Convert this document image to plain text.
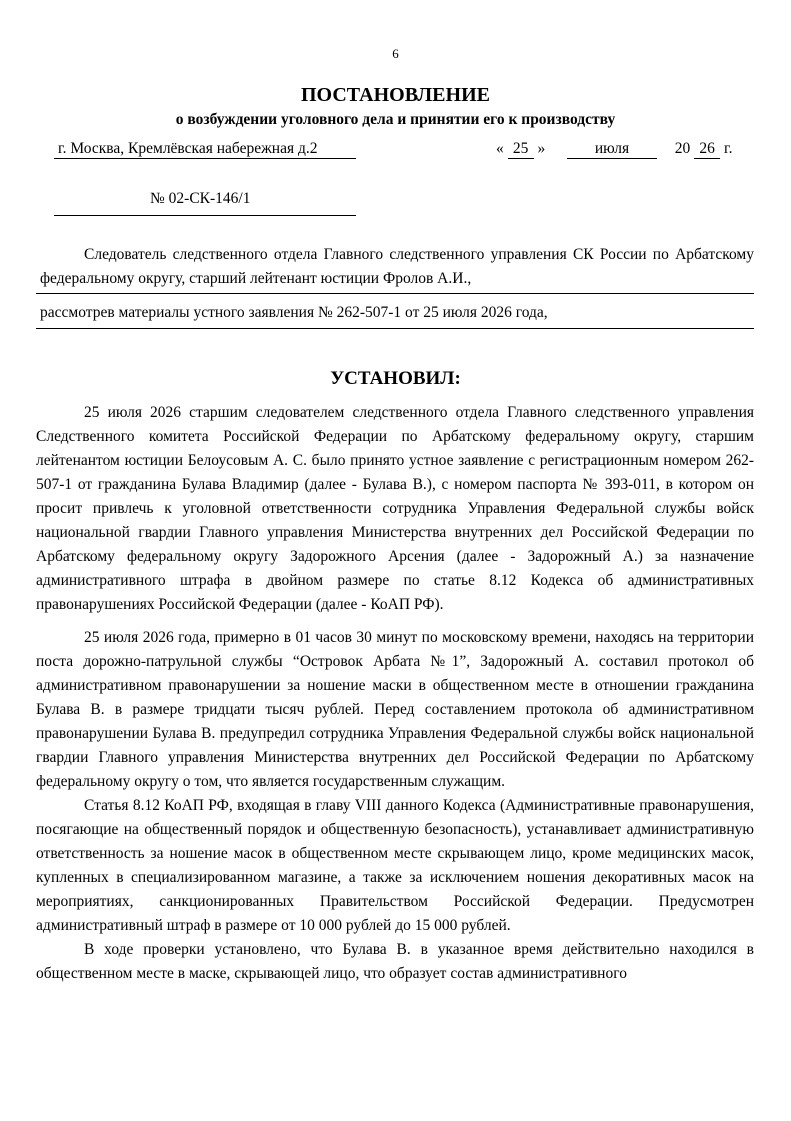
6
ПОСТАНОВЛЕНИЕ
о возбуждении уголовного дела и принятии его к производству
г. Москва, Кремлёвская набережная д.2	« 25 »	июля	20 26 г.
№ 02-СК-146/1

Следователь следственного отдела Главного следственного управления СК России по Арбатскому федеральному округу, старший лейтенант юстиции Фролов А.И.,

рассмотрев материалы устного заявления № 262-507-1 от 25 июля 2026 года,

УСТАНОВИЛ:

25 июля 2026 старшим следователем следственного отдела Главного следственного управления Следственного комитета Российской Федерации по Арбатскому федеральному округу, старшим лейтенантом юстиции Белоусовым А. С. было принято устное заявление с регистрационным номером 262-507-1 от гражданина Булава Владимир (далее - Булава В.), с номером паспорта № 393-011, в котором он просит привлечь к уголовной ответственности сотрудника Управления Федеральной службы войск национальной гвардии Главного управления Министерства внутренних дел Российской Федерации по Арбатскому федеральному округу Задорожного Арсения (далее - Задорожный А.) за назначение административного штрафа в двойном размере по статье 8.12 Кодекса об административных правонарушениях Российской Федерации (далее - КоАП РФ).

25 июля 2026 года, примерно в 01 часов 30 минут по московскому времени, находясь на территории поста дорожно-патрульной службы “Островок Арбата №1”, Задорожный А. составил протокол об административном правонарушении за ношение маски в общественном месте в отношении гражданина Булава В. в размере тридцати тысяч рублей. Перед составлением протокола об административном правонарушении Булава В. предупредил сотрудника Управления Федеральной службы войск национальной гвардии Главного управления Министерства внутренних дел Российской Федерации по Арбатскому федеральному округу о том, что является государственным служащим.

Статья 8.12 КоАП РФ, входящая в главу VIII данного Кодекса (Административные правонарушения, посягающие на общественный порядок и общественную безопасность), устанавливает административную ответственность за ношение масок в общественном месте скрывающем лицо, кроме медицинских масок, купленных в специализированном магазине, а также за исключением ношения декоративных масок на мероприятиях, санкционированных Правительством Российской Федерации. Предусмотрен административный штраф в размере от 10 000 рублей до 15 000 рублей.

В ходе проверки установлено, что Булава В. в указанное время действительно находился в общественном месте в маске, скрывающей лицо, что образует состав административного
